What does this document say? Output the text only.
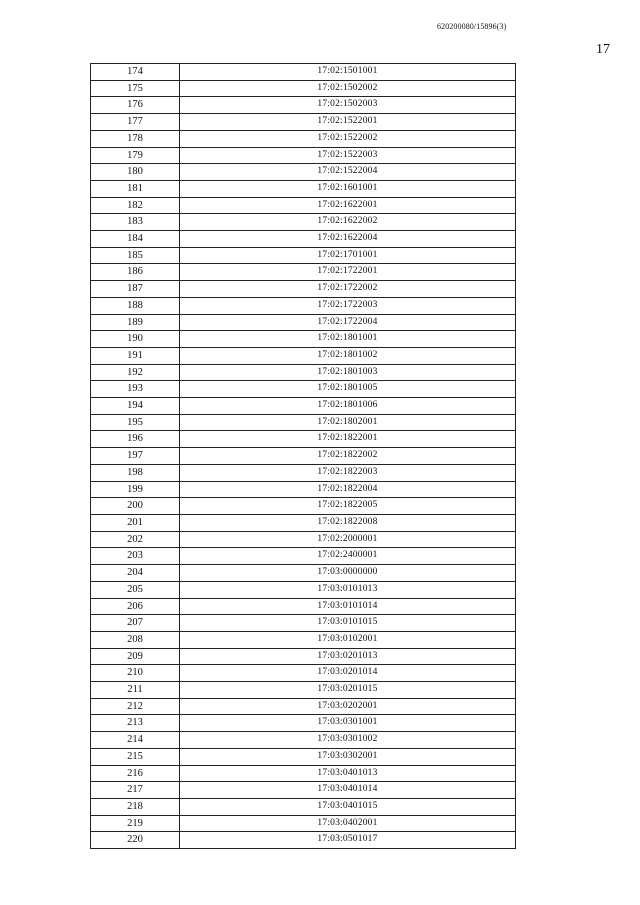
620200080/15896(3)
17
174	17:02:1501001
175	17:02:1502002
176	17:02:1502003
177	17:02:1522001
178	17:02:1522002
179	17:02:1522003
180	17:02:1522004
181	17:02:1601001
182	17:02:1622001
183	17:02:1622002
184	17:02:1622004
185	17:02:1701001
186	17:02:1722001
187	17:02:1722002
188	17:02:1722003
189	17:02:1722004
190	17:02:1801001
191	17:02:1801002
192	17:02:1801003
193	17:02:1801005
194	17:02:1801006
195	17:02:1802001
196	17:02:1822001
197	17:02:1822002
198	17:02:1822003
199	17:02:1822004
200	17:02:1822005
201	17:02:1822008
202	17:02:2000001
203	17:02:2400001
204	17:03:0000000
205	17:03:0101013
206	17:03:0101014
207	17:03:0101015
208	17:03:0102001
209	17:03:0201013
210	17:03:0201014
211	17:03:0201015
212	17:03:0202001
213	17:03:0301001
214	17:03:0301002
215	17:03:0302001
216	17:03:0401013
217	17:03:0401014
218	17:03:0401015
219	17:03:0402001
220	17:03:0501017
